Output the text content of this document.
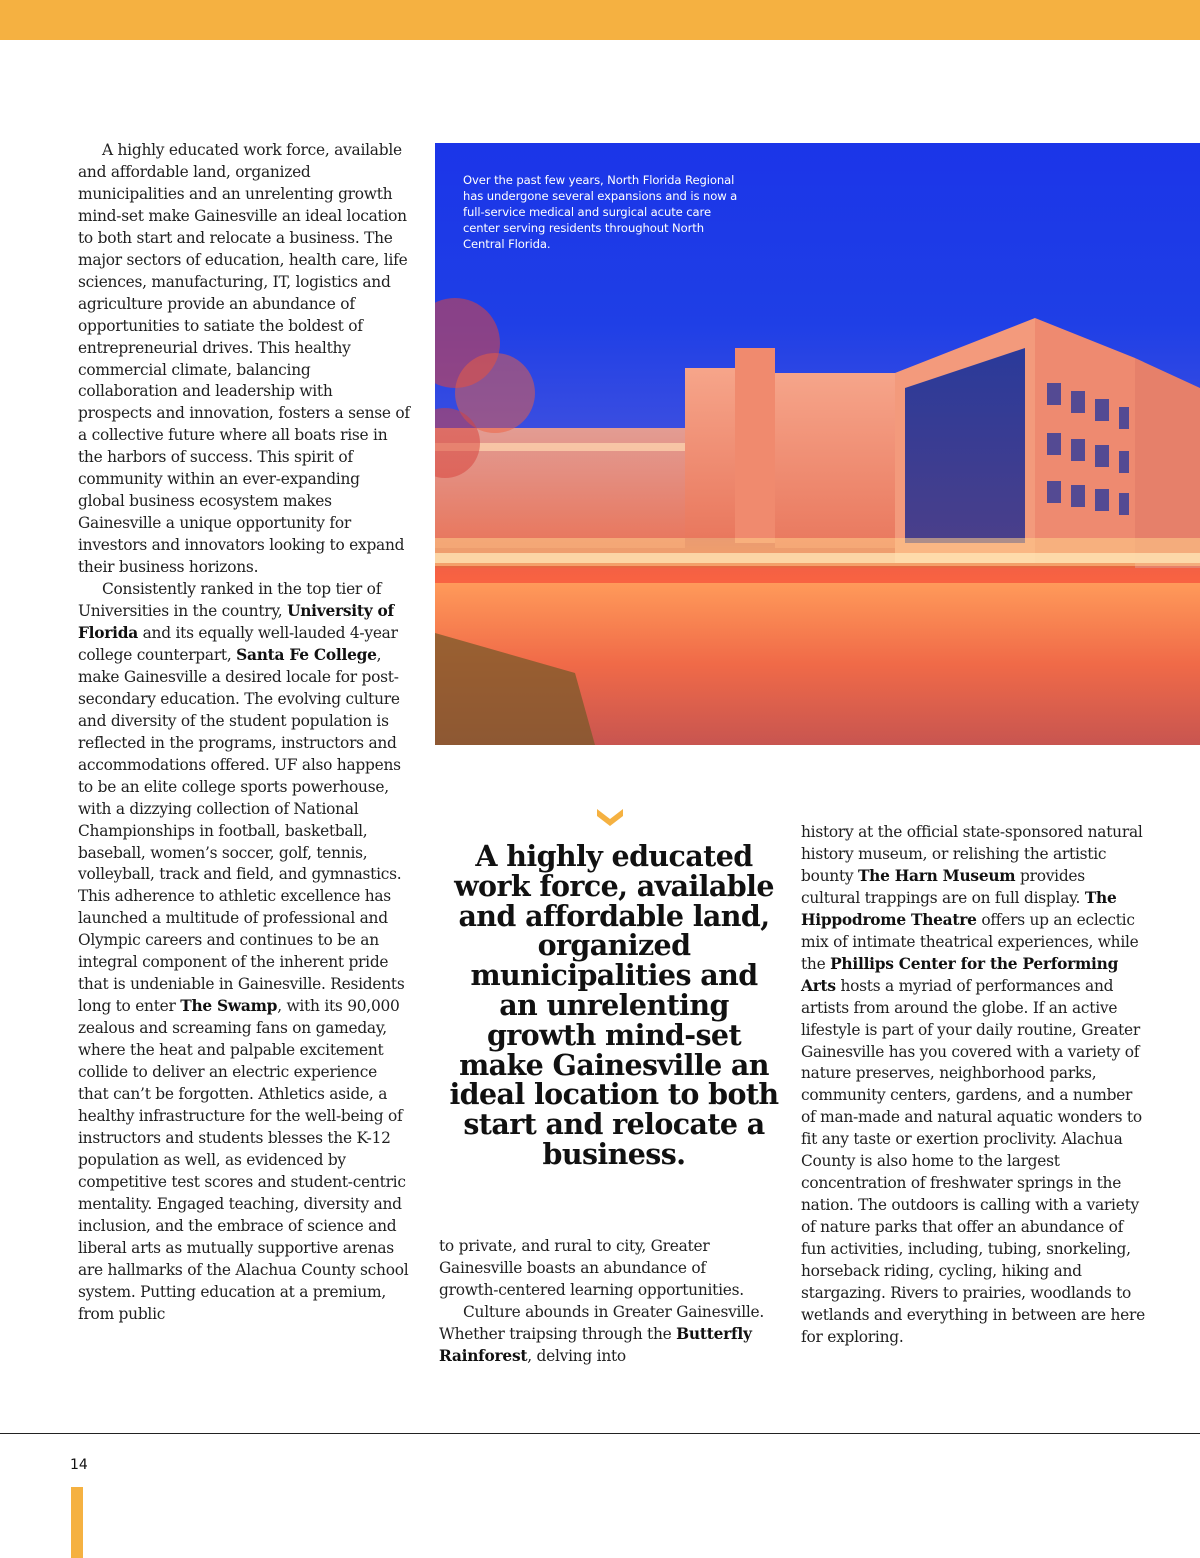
A highly educated work force, available and affordable land, organized municipalities and an unrelenting growth mind-set make Gainesville an ideal location to both start and relocate a business. The major sectors of education, health care, life sciences, manufacturing, IT, logistics and agriculture provide an abundance of opportunities to satiate the boldest of entrepreneurial drives. This healthy commercial climate, balancing collaboration and leadership with prospects and innovation, fosters a sense of a collective future where all boats rise in the harbors of success. This spirit of community within an ever-expanding global business ecosystem makes Gainesville a unique opportunity for investors and innovators looking to expand their business horizons.

Consistently ranked in the top tier of Universities in the country, University of Florida and its equally well-lauded 4-year college counterpart, Santa Fe College, make Gainesville a desired locale for post-secondary education. The evolving culture and diversity of the student population is reflected in the programs, instructors and accommodations offered. UF also happens to be an elite college sports powerhouse, with a dizzying collection of National Championships in football, basketball, baseball, women’s soccer, golf, tennis, volleyball, track and field, and gymnastics. This adherence to athletic excellence has launched a multitude of professional and Olympic careers and continues to be an integral component of the inherent pride that is undeniable in Gainesville. Residents long to enter The Swamp, with its 90,000 zealous and screaming fans on gameday, where the heat and palpable excitement collide to deliver an electric experience that can’t be forgotten. Athletics aside, a healthy infrastructure for the well-being of instructors and students blesses the K-12 population as well, as evidenced by competitive test scores and student-centric mentality. Engaged teaching, diversity and inclusion, and the embrace of science and liberal arts as mutually supportive arenas are hallmarks of the Alachua County school system. Putting education at a premium, from public

Over the past few years, North Florida Regional has undergone several expansions and is now a full-service medical and surgical acute care center serving residents throughout North Central Florida.
A highly educated work force, available and affordable land, organized municipalities and an unrelenting growth mind-set make Gainesville an ideal location to both start and relocate a business.

to private, and rural to city, Greater Gainesville boasts an abundance of growth-centered learning opportunities.

Culture abounds in Greater Gainesville. Whether traipsing through the Butterfly Rainforest, delving into

history at the official state-sponsored natural history museum, or relishing the artistic bounty The Harn Museum provides cultural trappings are on full display. The Hippodrome Theatre offers up an eclectic mix of intimate theatrical experiences, while the Phillips Center for the Performing Arts hosts a myriad of performances and artists from around the globe. If an active lifestyle is part of your daily routine, Greater Gainesville has you covered with a variety of nature preserves, neighborhood parks, community centers, gardens, and a number of man-made and natural aquatic wonders to fit any taste or exertion proclivity. Alachua County is also home to the largest concentration of freshwater springs in the nation. The outdoors is calling with a variety of nature parks that offer an abundance of fun activities, including, tubing, snorkeling, horseback riding, cycling, hiking and stargazing. Rivers to prairies, woodlands to wetlands and everything in between are here for exploring.

14
